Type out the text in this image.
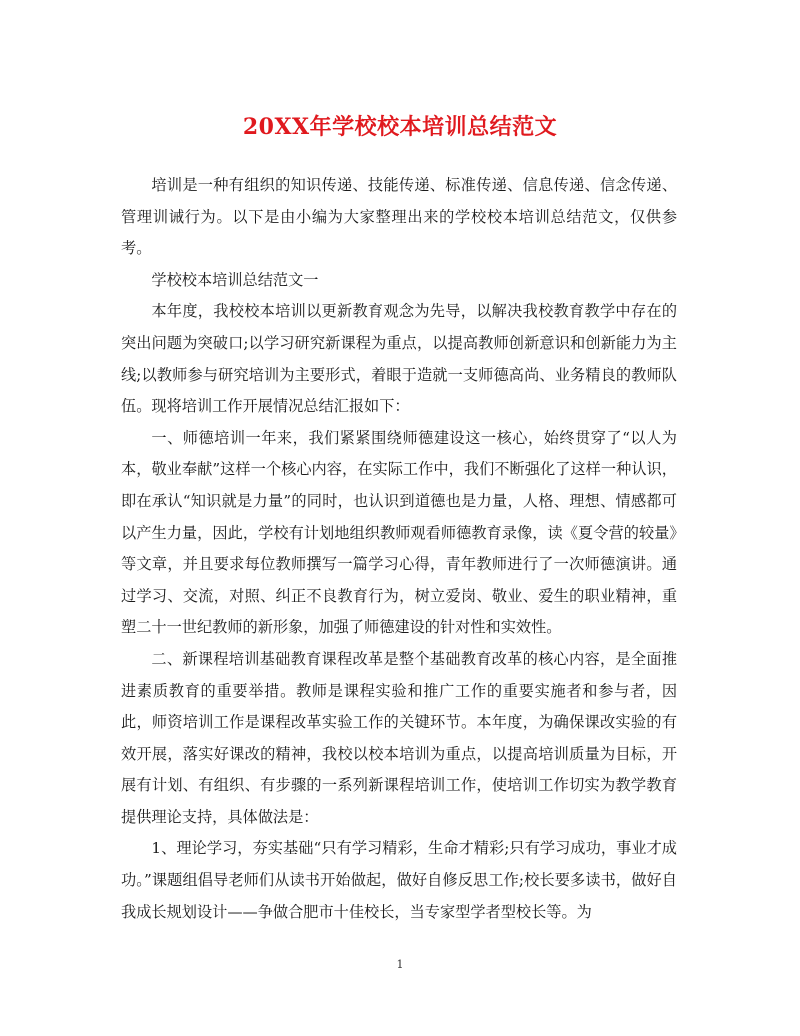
20XX年学校校本培训总结范文

培训是一种有组织的知识传递、技能传递、标准传递、信息传递、信念传递、管理训诫行为。以下是由小编为大家整理出来的学校校本培训总结范文，仅供参考。

学校校本培训总结范文一

本年度，我校校本培训以更新教育观念为先导，以解决我校教育教学中存在的突出问题为突破口;以学习研究新课程为重点，以提高教师创新意识和创新能力为主线;以教师参与研究培训为主要形式，着眼于造就一支师德高尚、业务精良的教师队伍。现将培训工作开展情况总结汇报如下：

一、师德培训一年来，我们紧紧围绕师德建设这一核心，始终贯穿了“以人为本，敬业奉献”这样一个核心内容，在实际工作中，我们不断强化了这样一种认识，即在承认“知识就是力量”的同时，也认识到道德也是力量，人格、理想、情感都可以产生力量，因此，学校有计划地组织教师观看师德教育录像，读《夏令营的较量》等文章，并且要求每位教师撰写一篇学习心得，青年教师进行了一次师德演讲。通过学习、交流，对照、纠正不良教育行为，树立爱岗、敬业、爱生的职业精神，重塑二十一世纪教师的新形象，加强了师德建设的针对性和实效性。

二、新课程培训基础教育课程改革是整个基础教育改革的核心内容，是全面推进素质教育的重要举措。教师是课程实验和推广工作的重要实施者和参与者，因此，师资培训工作是课程改革实验工作的关键环节。本年度，为确保课改实验的有效开展，落实好课改的精神，我校以校本培训为重点，以提高培训质量为目标，开展有计划、有组织、有步骤的一系列新课程培训工作，使培训工作切实为教学教育提供理论支持，具体做法是：

1、理论学习，夯实基础“只有学习精彩，生命才精彩;只有学习成功，事业才成功。”课题组倡导老师们从读书开始做起，做好自修反思工作;校长要多读书，做好自我成长规划设计——争做合肥市十佳校长，当专家型学者型校长等。为

1
